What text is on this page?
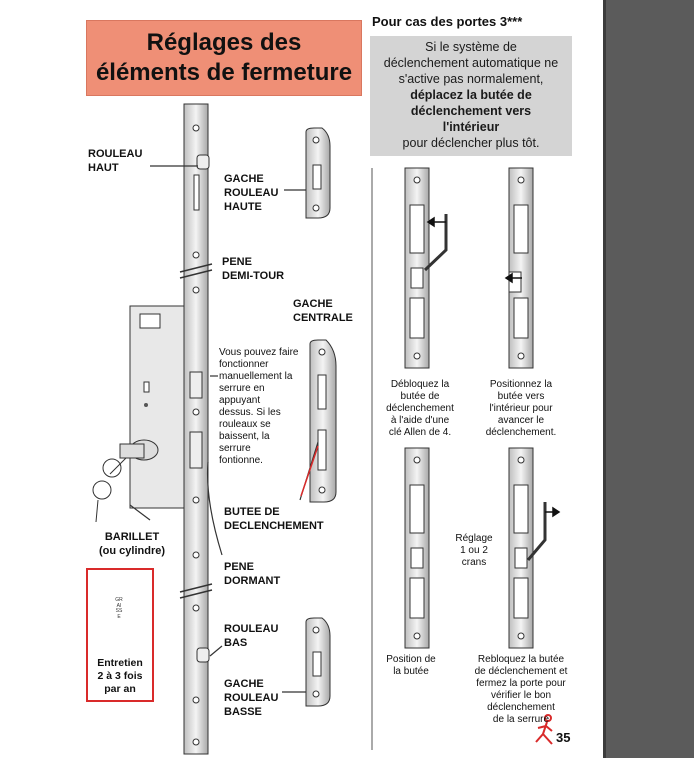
Réglages des
éléments de fermeture
ROULEAU
HAUT
GACHE
ROULEAU
HAUTE
PENE
DEMI-TOUR
GACHE
CENTRALE
BUTEE DE
DECLENCHEMENT
BARILLET
(ou cylindre)
PENE
DORMANT
ROULEAU
BAS
GACHE
ROULEAU
BASSE
Vous pouvez faire
fonctionner
manuellement la
serrure en
appuyant
dessus. Si les
rouleaux se
baissent, la
serrure
fontionne.
Entretien
2 à 3 fois
par an
GRAISSE
Pour cas des portes 3***
Si le système de
déclenchement automatique ne
s'active pas normalement,
déplacez la butée de
déclenchement vers
l'intérieur
pour déclencher plus tôt.
Débloquez la
butée de
déclenchement
à l'aide d'une
clé Allen de 4.
Positionnez la
butée vers
l'intérieur pour
avancer le
déclenchement.
Position de
la butée
Rebloquez la butée
de déclenchement et
fermez la porte pour
vérifier le bon
déclenchement
de la serrure
Réglage
1 ou 2
crans
35
